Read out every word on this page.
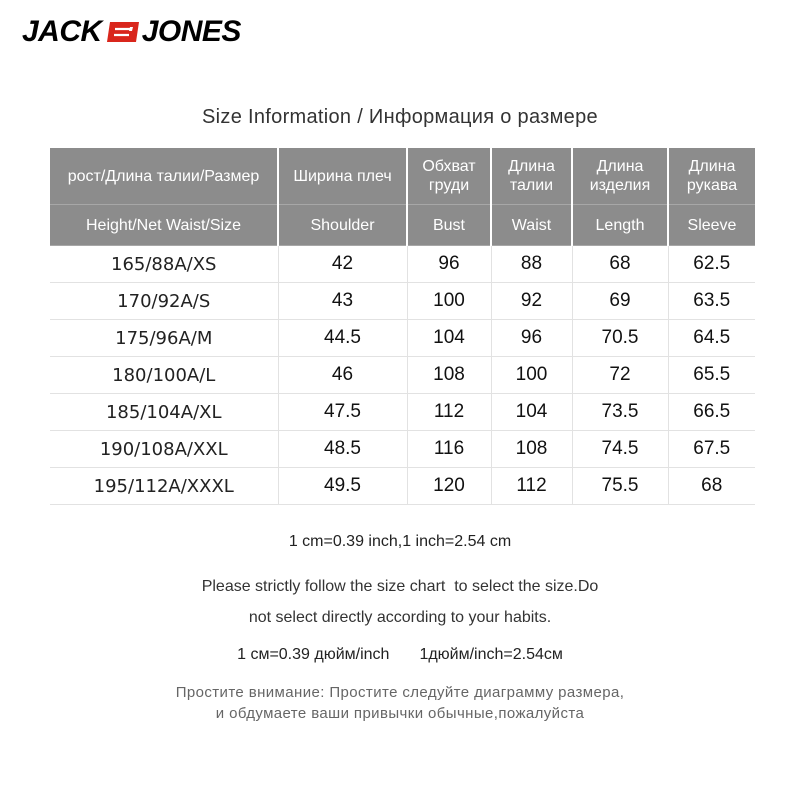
JACK JONES
Size Information / Информация о размере
рост/Длина талии/Размер	Ширина плеч	Обхват груди	Длина талии	Длина изделия	Длина рукава
Height/Net Waist/Size	Shoulder	Bust	Waist	Length	Sleeve
165/88A/XS	42	96	88	68	62.5
170/92A/S	43	100	92	69	63.5
175/96A/M	44.5	104	96	70.5	64.5
180/100A/L	46	108	100	72	65.5
185/104A/XL	47.5	112	104	73.5	66.5
190/108A/XXL	48.5	116	108	74.5	67.5
195/112A/XXXL	49.5	120	112	75.5	68
1 cm=0.39 inch,1 inch=2.54 cm
Please strictly follow the size chart  to select the size.Do
not select directly according to your habits.
1 см=0.39 дюйм/inch 1дюйм/inch=2.54см
Простите внимание: Простите следуйте диаграмму размера,
и обдумаете ваши привычки обычные,пожалуйста
